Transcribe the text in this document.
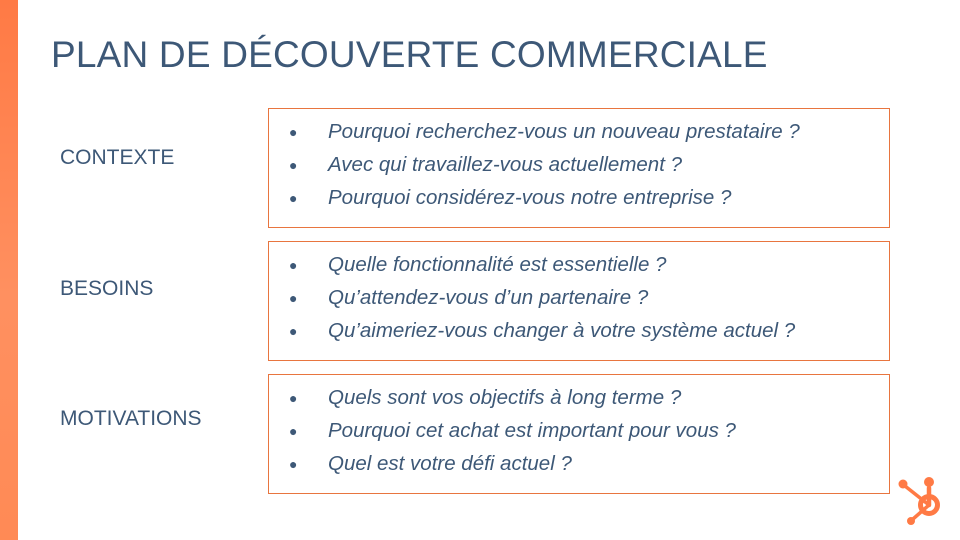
PLAN DE DÉCOUVERTE COMMERCIALE
CONTEXTE
● Pourquoi recherchez-vous un nouveau prestataire ?
● Avec qui travaillez-vous actuellement ?
● Pourquoi considérez-vous notre entreprise ?
BESOINS
● Quelle fonctionnalité est essentielle ?
● Qu’attendez-vous d’un partenaire ?
● Qu’aimeriez-vous changer à votre système actuel ?
MOTIVATIONS
● Quels sont vos objectifs à long terme ?
● Pourquoi cet achat est important pour vous ?
● Quel est votre défi actuel ?
